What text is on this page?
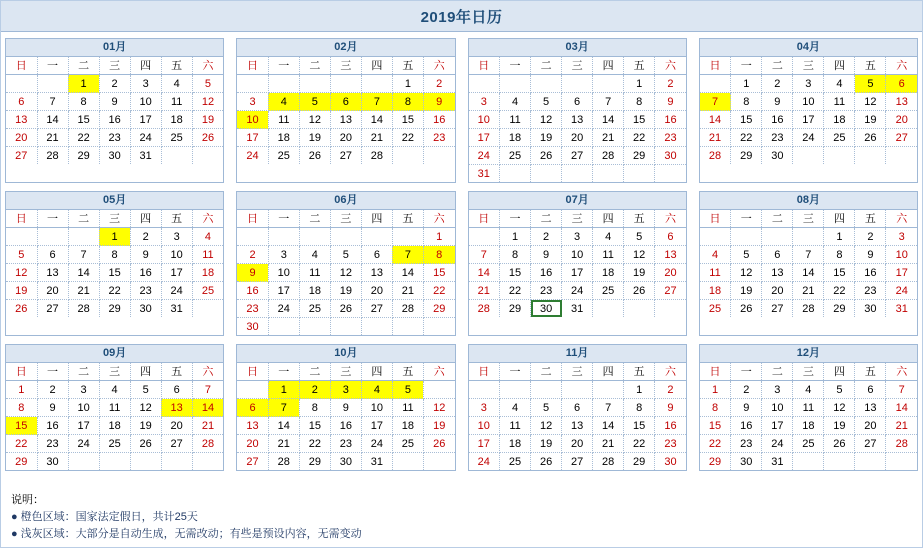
2019年日历
01月
日	一	二	三	四	五	六
		1	2	3	4	5
6	7	8	9	10	11	12
13	14	15	16	17	18	19
20	21	22	23	24	25	26
27	28	29	30	31		
02月
日	一	二	三	四	五	六
					1	2
3	4	5	6	7	8	9
10	11	12	13	14	15	16
17	18	19	20	21	22	23
24	25	26	27	28		
03月
日	一	二	三	四	五	六
					1	2
3	4	5	6	7	8	9
10	11	12	13	14	15	16
17	18	19	20	21	22	23
24	25	26	27	28	29	30
31						
04月
日	一	二	三	四	五	六
	1	2	3	4	5	6
7	8	9	10	11	12	13
14	15	16	17	18	19	20
21	22	23	24	25	26	27
28	29	30				
05月
日	一	二	三	四	五	六
			1	2	3	4
5	6	7	8	9	10	11
12	13	14	15	16	17	18
19	20	21	22	23	24	25
26	27	28	29	30	31	
06月
日	一	二	三	四	五	六
						1
2	3	4	5	6	7	8
9	10	11	12	13	14	15
16	17	18	19	20	21	22
23	24	25	26	27	28	29
30						
07月
日	一	二	三	四	五	六
	1	2	3	4	5	6
7	8	9	10	11	12	13
14	15	16	17	18	19	20
21	22	23	24	25	26	27
28	29	30	31			
08月
日	一	二	三	四	五	六
				1	2	3
4	5	6	7	8	9	10
11	12	13	14	15	16	17
18	19	20	21	22	23	24
25	26	27	28	29	30	31
09月
日	一	二	三	四	五	六
1	2	3	4	5	6	7
8	9	10	11	12	13	14
15	16	17	18	19	20	21
22	23	24	25	26	27	28
29	30					
10月
日	一	二	三	四	五	六
	1	2	3	4	5	
6	7	8	9	10	11	12
13	14	15	16	17	18	19
20	21	22	23	24	25	26
27	28	29	30	31		
11月
日	一	二	三	四	五	六
					1	2
3	4	5	6	7	8	9
10	11	12	13	14	15	16
17	18	19	20	21	22	23
24	25	26	27	28	29	30
12月
日	一	二	三	四	五	六
1	2	3	4	5	6	7
8	9	10	11	12	13	14
15	16	17	18	19	20	21
22	23	24	25	26	27	28
29	30	31				
说明：
● 橙色区域：国家法定假日，共计25天
● 浅灰区域：大部分是自动生成，无需改动；有些是预设内容，无需变动
